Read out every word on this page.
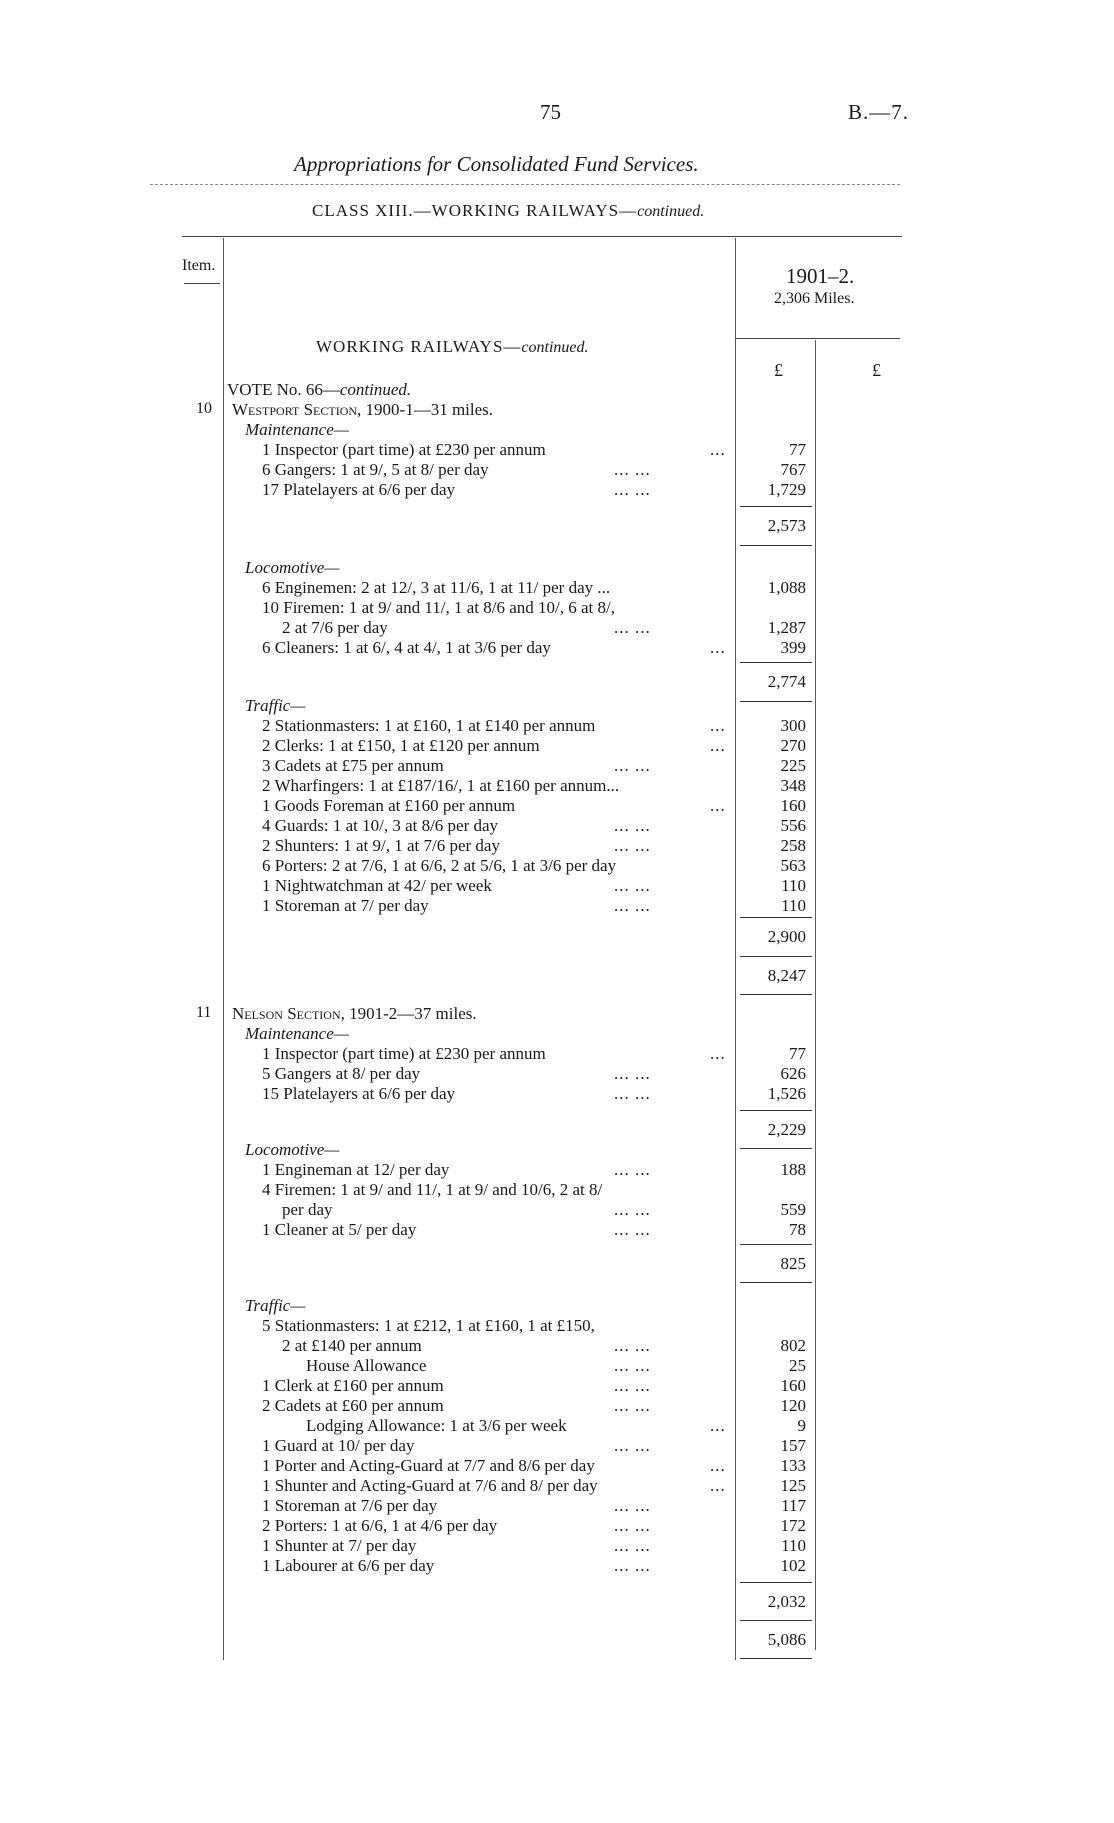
75	B.—7.
Appropriations for Consolidated Fund Services.
CLASS XIII.—WORKING RAILWAYS—continued.
Item.	1901–2.
2,306 Miles.
£	£
WORKING RAILWAYS—continued.
VOTE No. 66—continued.
10 Westport Section, 1900-1—31 miles.
Maintenance—
1 Inspector (part time) at £230 per annum	...	77
6 Gangers: 1 at 9/, 5 at 8/ per day	... ...	767
17 Platelayers at 6/6 per day	... ...	1,729
2,573
Locomotive—
6 Enginemen: 2 at 12/, 3 at 11/6, 1 at 11/ per day ...	1,088
10 Firemen: 1 at 9/ and 11/, 1 at 8/6 and 10/, 6 at 8/,
2 at 7/6 per day	... ...	1,287
6 Cleaners: 1 at 6/, 4 at 4/, 1 at 3/6 per day	...	399
2,774
Traffic—
2 Stationmasters: 1 at £160, 1 at £140 per annum	...	300
2 Clerks: 1 at £150, 1 at £120 per annum	...	270
3 Cadets at £75 per annum	... ...	225
2 Wharfingers: 1 at £187/16/, 1 at £160 per annum...	348
1 Goods Foreman at £160 per annum	...	160
4 Guards: 1 at 10/, 3 at 8/6 per day	... ...	556
2 Shunters: 1 at 9/, 1 at 7/6 per day	... ...	258
6 Porters: 2 at 7/6, 1 at 6/6, 2 at 5/6, 1 at 3/6 per day	563
1 Nightwatchman at 42/ per week	... ...	110
1 Storeman at 7/ per day	... ...	110
2,900
8,247
11 Nelson Section, 1901-2—37 miles.
Maintenance—
1 Inspector (part time) at £230 per annum	...	77
5 Gangers at 8/ per day	... ...	626
15 Platelayers at 6/6 per day	... ...	1,526
2,229
Locomotive—
1 Engineman at 12/ per day	... ...	188
4 Firemen: 1 at 9/ and 11/, 1 at 9/ and 10/6, 2 at 8/
per day	... ...	559
1 Cleaner at 5/ per day	... ...	78
825
Traffic—
5 Stationmasters: 1 at £212, 1 at £160, 1 at £150,
2 at £140 per annum	... ...	802
House Allowance	... ...	25
1 Clerk at £160 per annum	... ...	160
2 Cadets at £60 per annum	... ...	120
Lodging Allowance: 1 at 3/6 per week	...	9
1 Guard at 10/ per day	... ...	157
1 Porter and Acting-Guard at 7/7 and 8/6 per day	...	133
1 Shunter and Acting-Guard at 7/6 and 8/ per day	...	125
1 Storeman at 7/6 per day	... ...	117
2 Porters: 1 at 6/6, 1 at 4/6 per day	... ...	172
1 Shunter at 7/ per day	... ...	110
1 Labourer at 6/6 per day	... ...	102
2,032
5,086
